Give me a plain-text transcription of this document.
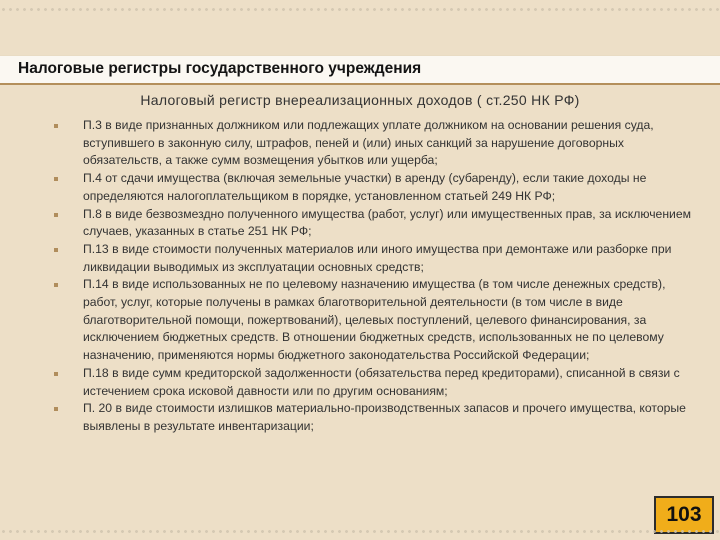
Налоговые регистры государственного учреждения
Налоговый регистр внереализационных доходов ( ст.250 НК РФ)
П.3 в виде признанных должником или подлежащих уплате должником на основании решения суда, вступившего в законную силу, штрафов, пеней и (или) иных санкций за нарушение договорных обязательств, а также сумм возмещения убытков или ущерба;
П.4 от сдачи имущества (включая земельные участки) в аренду (субаренду), если такие доходы не определяются налогоплательщиком в порядке, установленном статьей 249 НК РФ;
П.8 в виде безвозмездно полученного имущества (работ, услуг) или имущественных прав, за исключением случаев, указанных в статье 251 НК РФ;
П.13 в виде стоимости полученных материалов или иного имущества при демонтаже или разборке при ликвидации выводимых из эксплуатации основных средств;
П.14 в виде использованных не по целевому назначению имущества (в том числе денежных средств), работ, услуг, которые получены в рамках благотворительной деятельности (в том числе в виде благотворительной помощи, пожертвований), целевых поступлений, целевого финансирования, за исключением бюджетных средств. В отношении бюджетных средств, использованных не по целевому назначению, применяются нормы бюджетного законодательства Российской Федерации;
П.18 в виде сумм кредиторской задолженности (обязательства перед кредиторами), списанной в связи с истечением срока исковой давности или по другим основаниям;
П. 20 в виде стоимости излишков материально-производственных запасов и прочего имущества, которые выявлены в результате инвентаризации;
103
